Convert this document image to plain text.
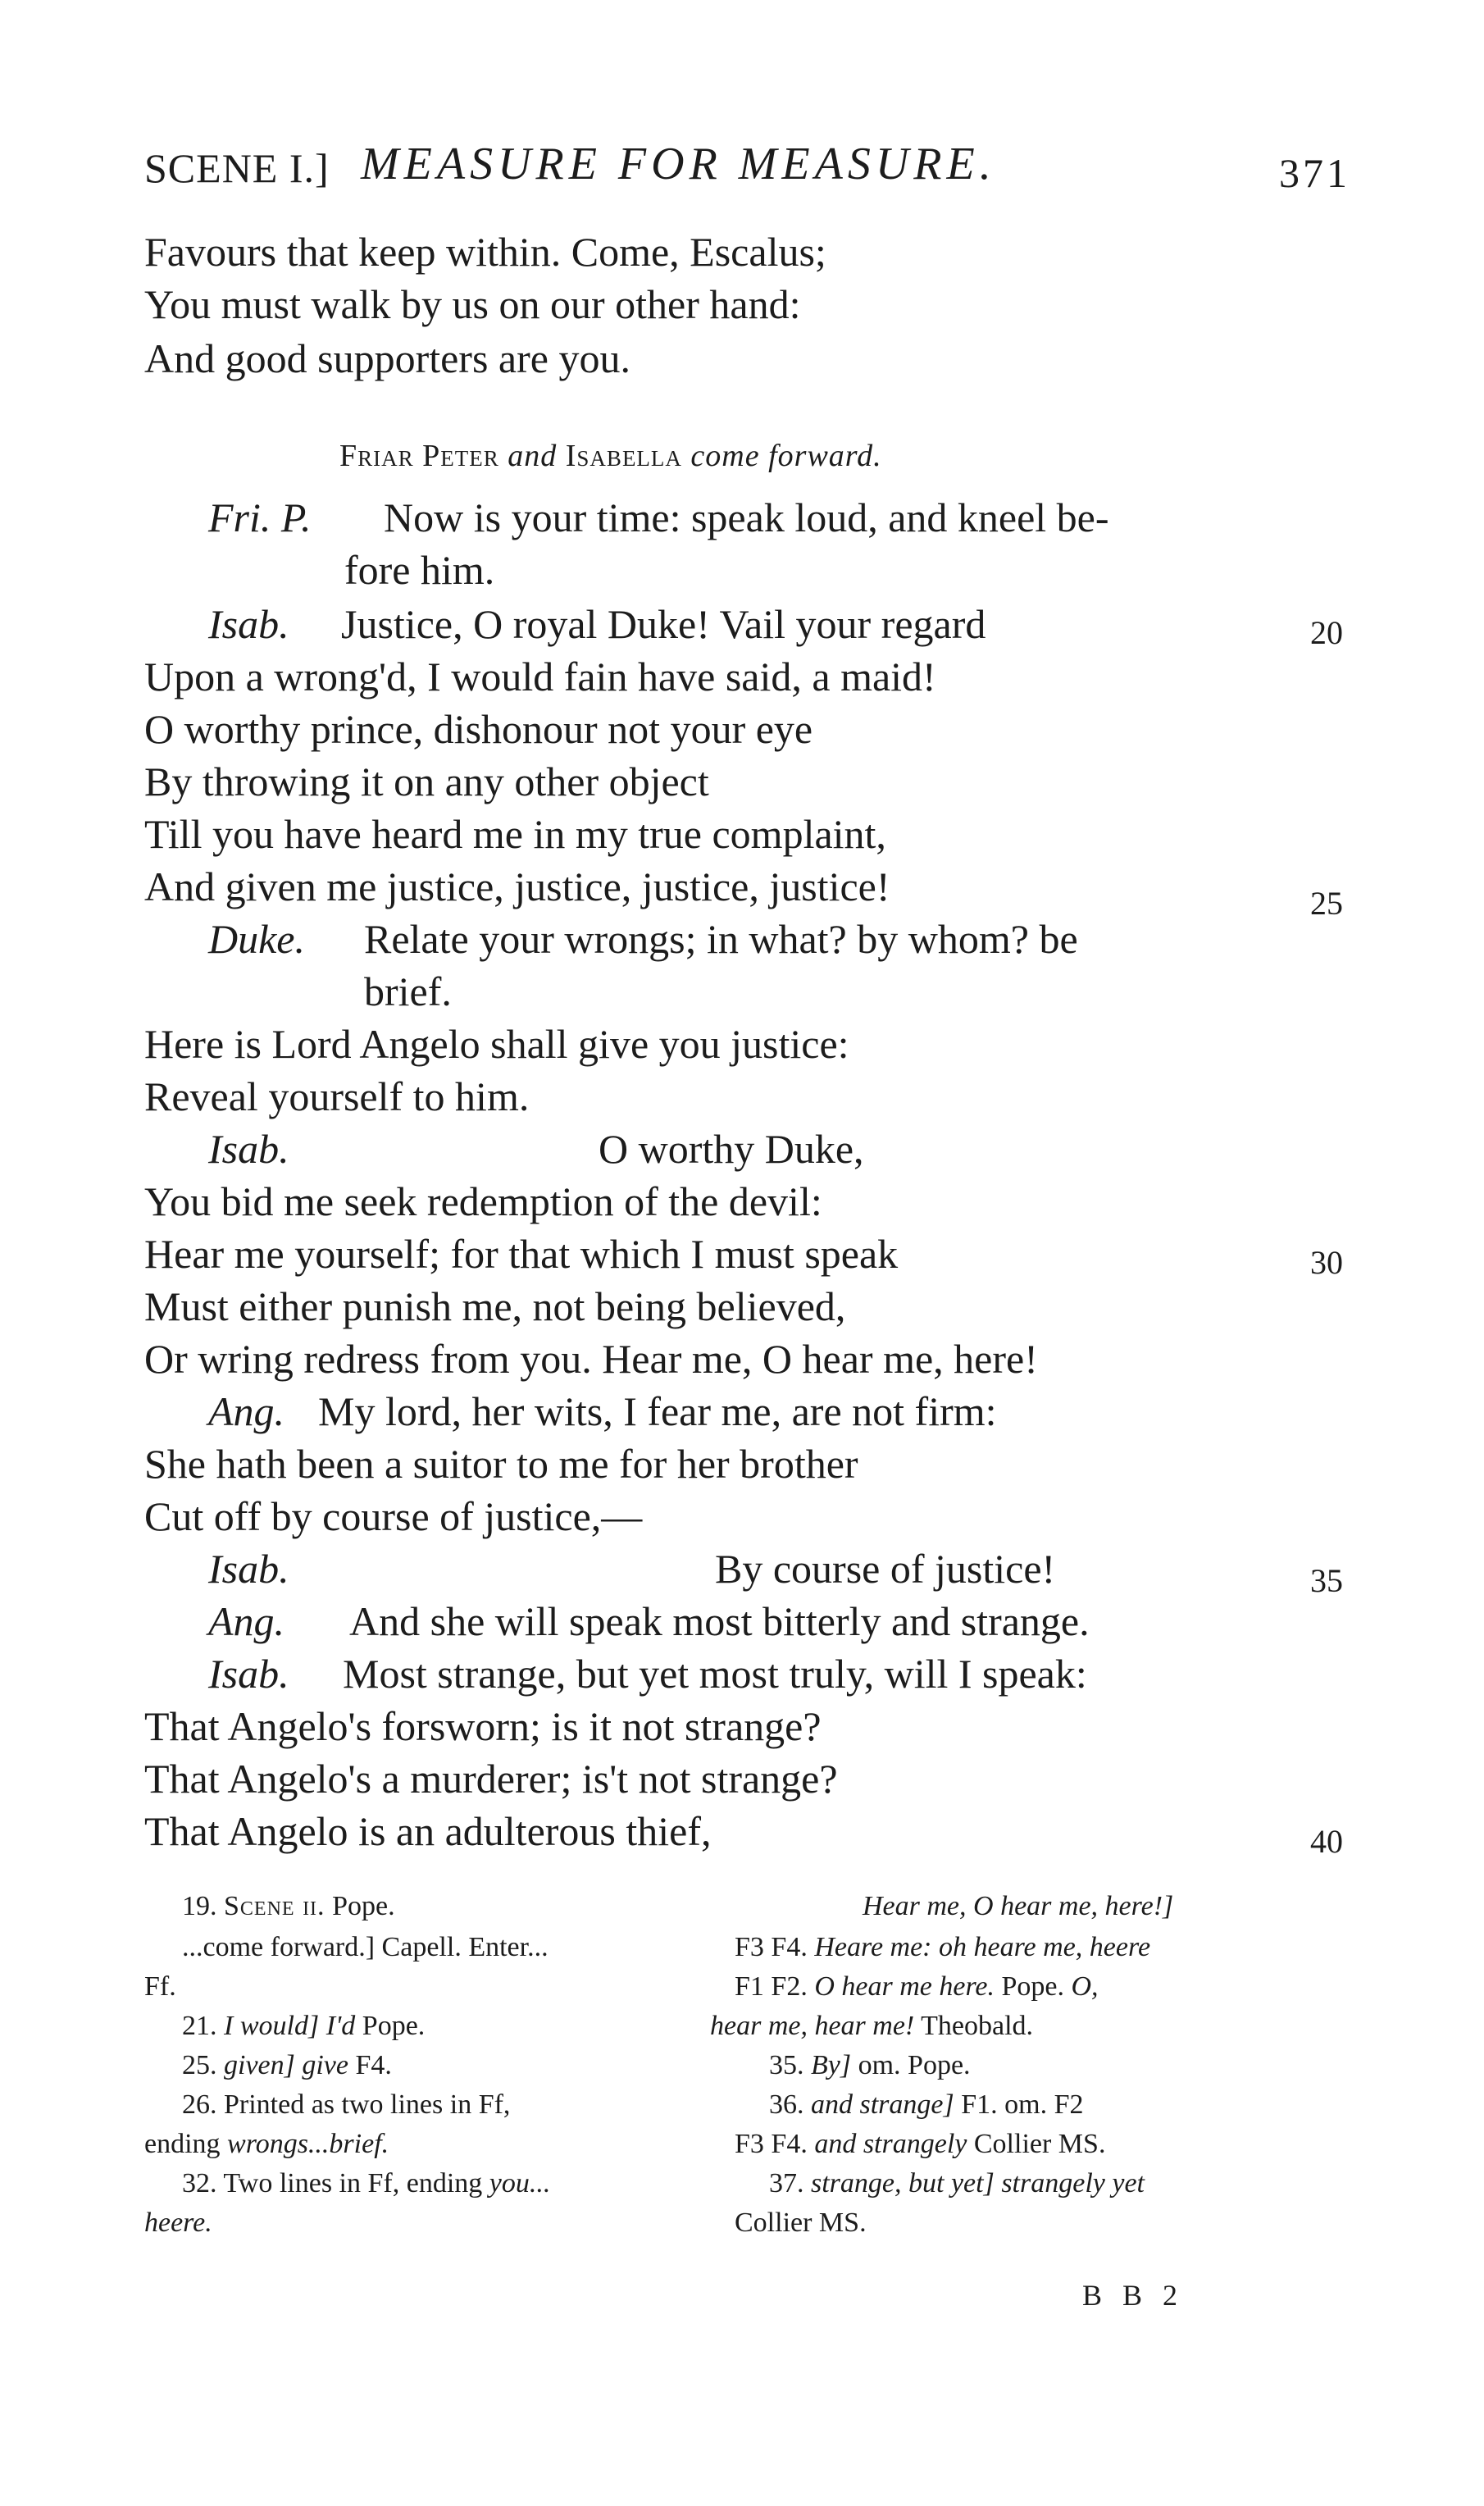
SCENE I.] MEASURE FOR MEASURE.	371
Favours that keep within. Come, Escalus;
You must walk by us on our other hand:
And good supporters are you.
Friar Peter and Isabella come forward.
Fri. P. Now is your time: speak loud, and kneel be-
fore him.
Isab. Justice, O royal Duke! Vail your regard	20
Upon a wrong'd, I would fain have said, a maid!
O worthy prince, dishonour not your eye
By throwing it on any other object
Till you have heard me in my true complaint,
And given me justice, justice, justice, justice!	25
Duke. Relate your wrongs; in what? by whom? be
brief.
Here is Lord Angelo shall give you justice:
Reveal yourself to him.
Isab.	O worthy Duke,
You bid me seek redemption of the devil:
Hear me yourself; for that which I must speak	30
Must either punish me, not being believed,
Or wring redress from you. Hear me, O hear me, here!
Ang. My lord, her wits, I fear me, are not firm:
She hath been a suitor to me for her brother
Cut off by course of justice,—
Isab.	By course of justice!	35
Ang. And she will speak most bitterly and strange.
Isab. Most strange, but yet most truly, will I speak:
That Angelo's forsworn; is it not strange?
That Angelo's a murderer; is't not strange?
That Angelo is an adulterous thief,	40
19. Scene ii. Pope.
...come forward.] Capell. Enter...
Ff.
21. I would] I'd Pope.
25. given] give F4.
26. Printed as two lines in Ff,
ending wrongs...brief.
32. Two lines in Ff, ending you...
heere.
Hear me, O hear me, here!]
F3 F4. Heare me: oh heare me, heere
F1 F2. O hear me here. Pope. O,
hear me, hear me! Theobald.
35. By] om. Pope.
36. and strange] F1. om. F2
F3 F4. and strangely Collier MS.
37. strange, but yet] strangely yet
Collier MS.
B B 2
